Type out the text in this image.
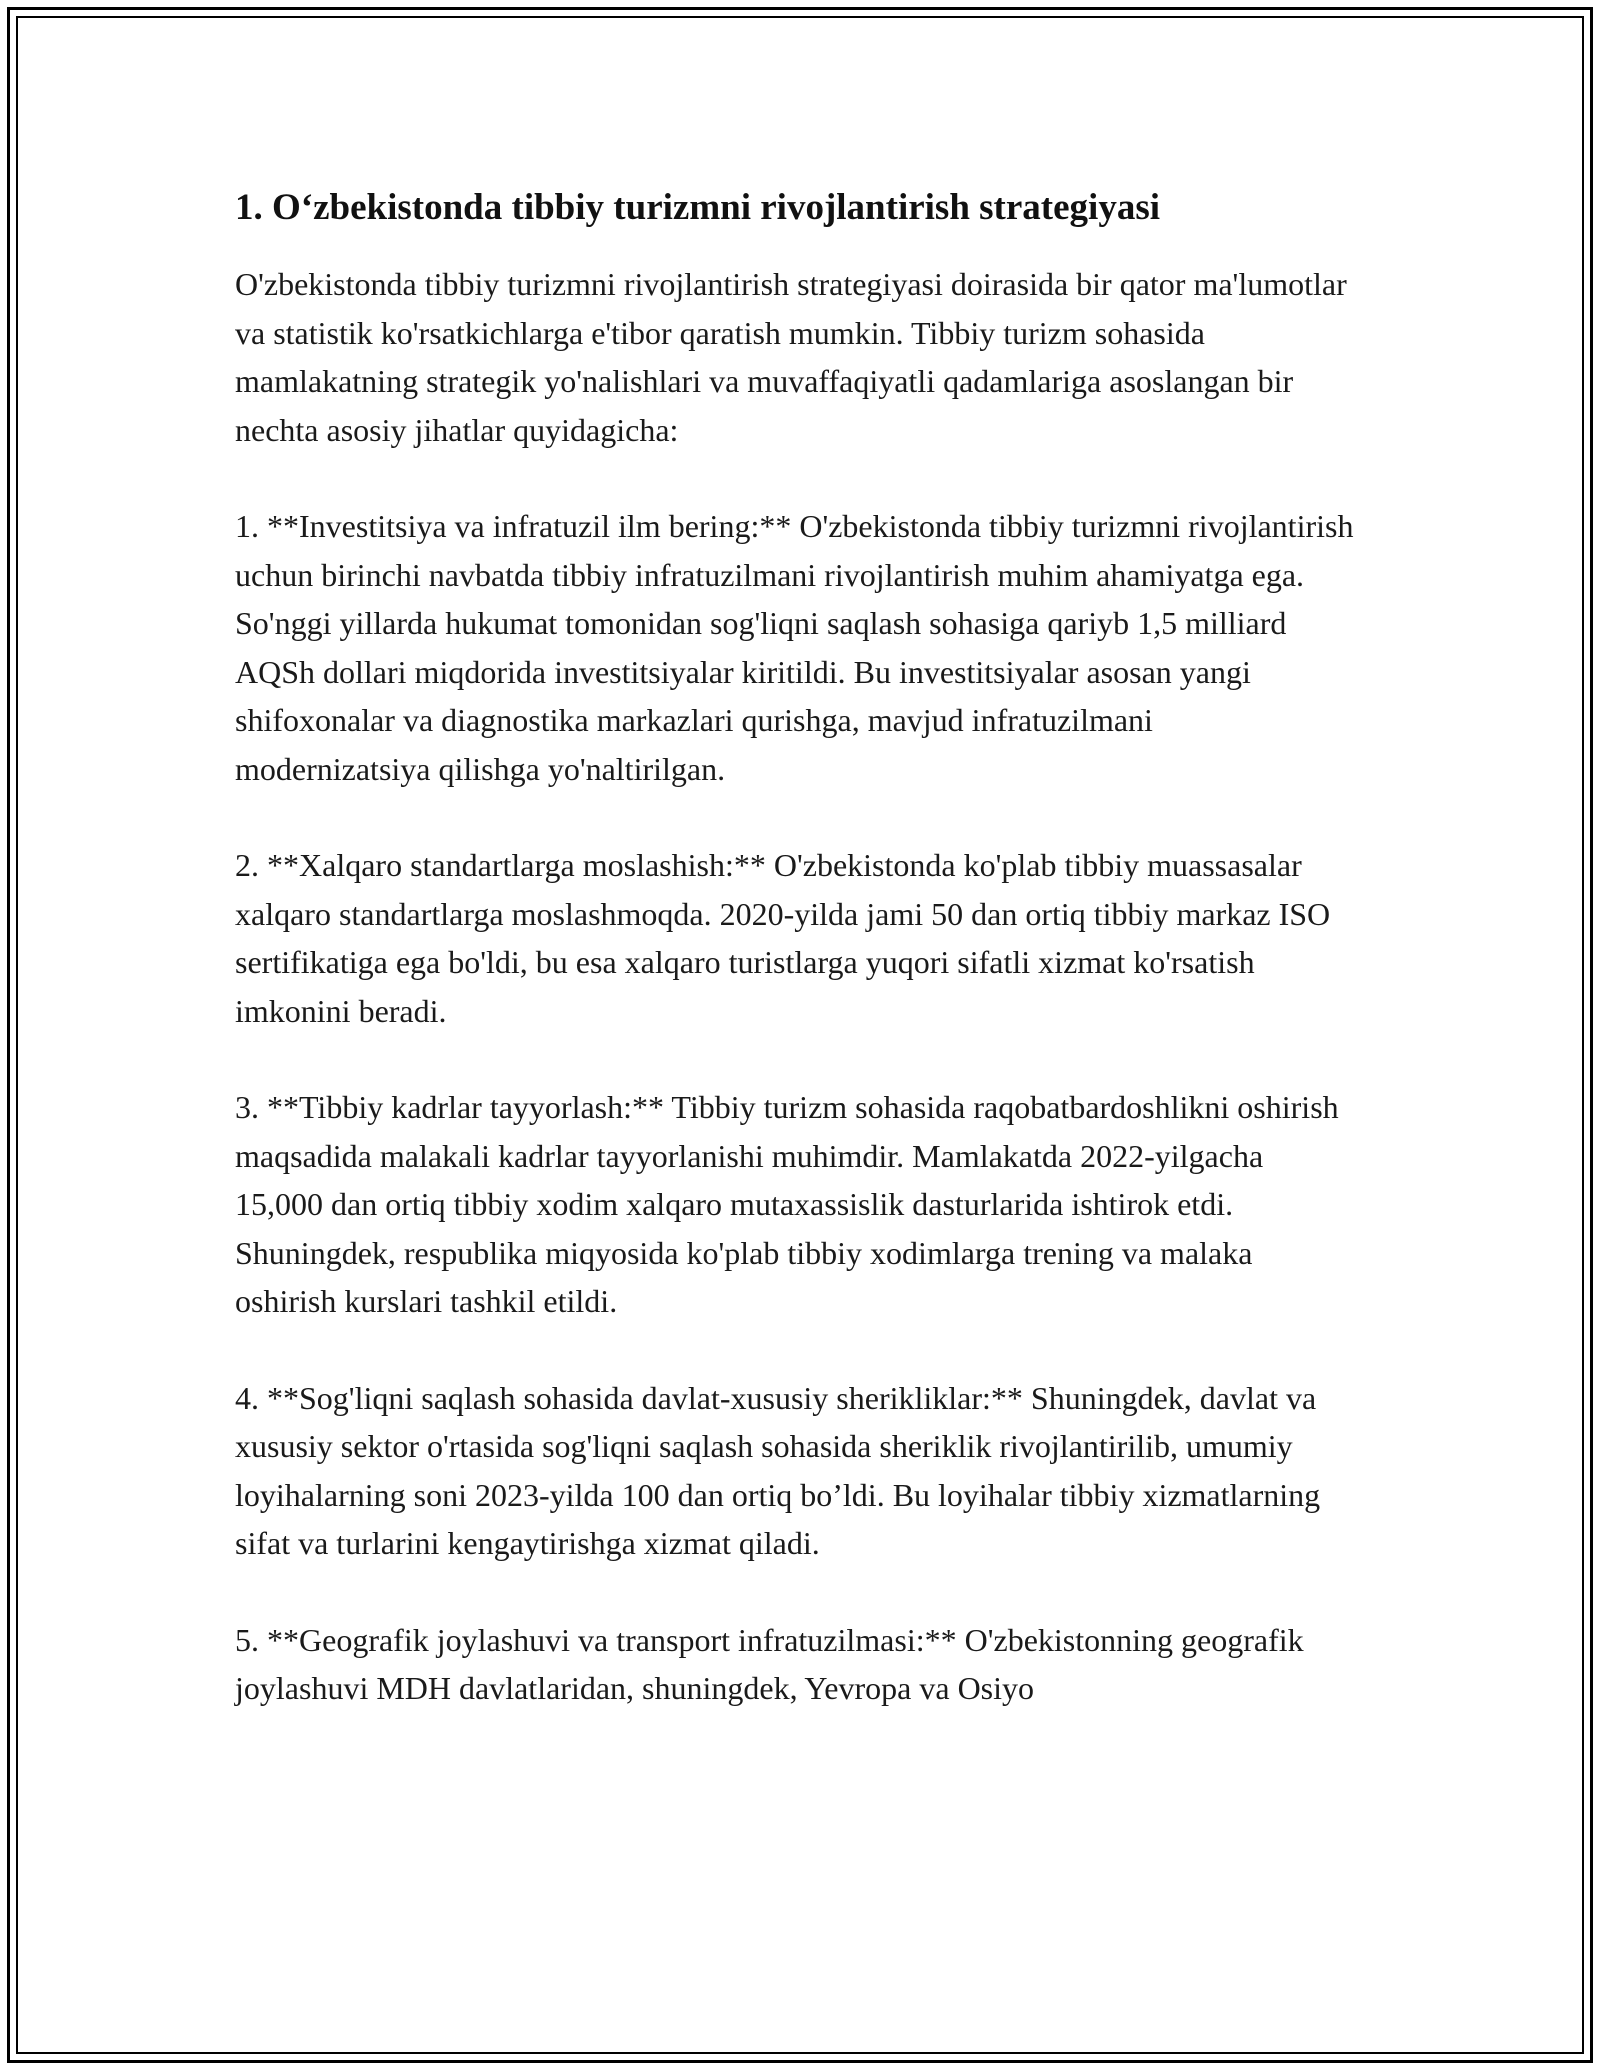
1. O‘zbekistonda tibbiy turizmni rivojlantirish strategiyasi

O'zbekistonda tibbiy turizmni rivojlantirish strategiyasi doirasida bir qator ma'lumotlar va statistik ko'rsatkichlarga e'tibor qaratish mumkin. Tibbiy turizm sohasida mamlakatning strategik yo'nalishlari va muvaffaqiyatli qadamlariga asoslangan bir nechta asosiy jihatlar quyidagicha:

1. **Investitsiya va infratuzil ilm bering:** O'zbekistonda tibbiy turizmni rivojlantirish uchun birinchi navbatda tibbiy infratuzilmani rivojlantirish muhim ahamiyatga ega. So'nggi yillarda hukumat tomonidan sog'liqni saqlash sohasiga qariyb 1,5 milliard AQSh dollari miqdorida investitsiyalar kiritildi. Bu investitsiyalar asosan yangi shifoxonalar va diagnostika markazlari qurishga, mavjud infratuzilmani modernizatsiya qilishga yo'naltirilgan.

2. **Xalqaro standartlarga moslashish:** O'zbekistonda ko'plab tibbiy muassasalar xalqaro standartlarga moslashmoqda. 2020-yilda jami 50 dan ortiq tibbiy markaz ISO sertifikatiga ega bo'ldi, bu esa xalqaro turistlarga yuqori sifatli xizmat ko'rsatish imkonini beradi.

3. **Tibbiy kadrlar tayyorlash:** Tibbiy turizm sohasida raqobatbardoshlikni oshirish maqsadida malakali kadrlar tayyorlanishi muhimdir. Mamlakatda 2022-yilgacha 15,000 dan ortiq tibbiy xodim xalqaro mutaxassislik dasturlarida ishtirok etdi. Shuningdek, respublika miqyosida ko'plab tibbiy xodimlarga trening va malaka oshirish kurslari tashkil etildi.

4. **Sog'liqni saqlash sohasida davlat-xususiy sherikliklar:** Shuningdek, davlat va xususiy sektor o'rtasida sog'liqni saqlash sohasida sheriklik rivojlantirilib, umumiy loyihalarning soni 2023-yilda 100 dan ortiq bo’ldi. Bu loyihalar tibbiy xizmatlarning sifat va turlarini kengaytirishga xizmat qiladi.

5. **Geografik joylashuvi va transport infratuzilmasi:** O'zbekistonning geografik joylashuvi MDH davlatlaridan, shuningdek, Yevropa va Osiyo
